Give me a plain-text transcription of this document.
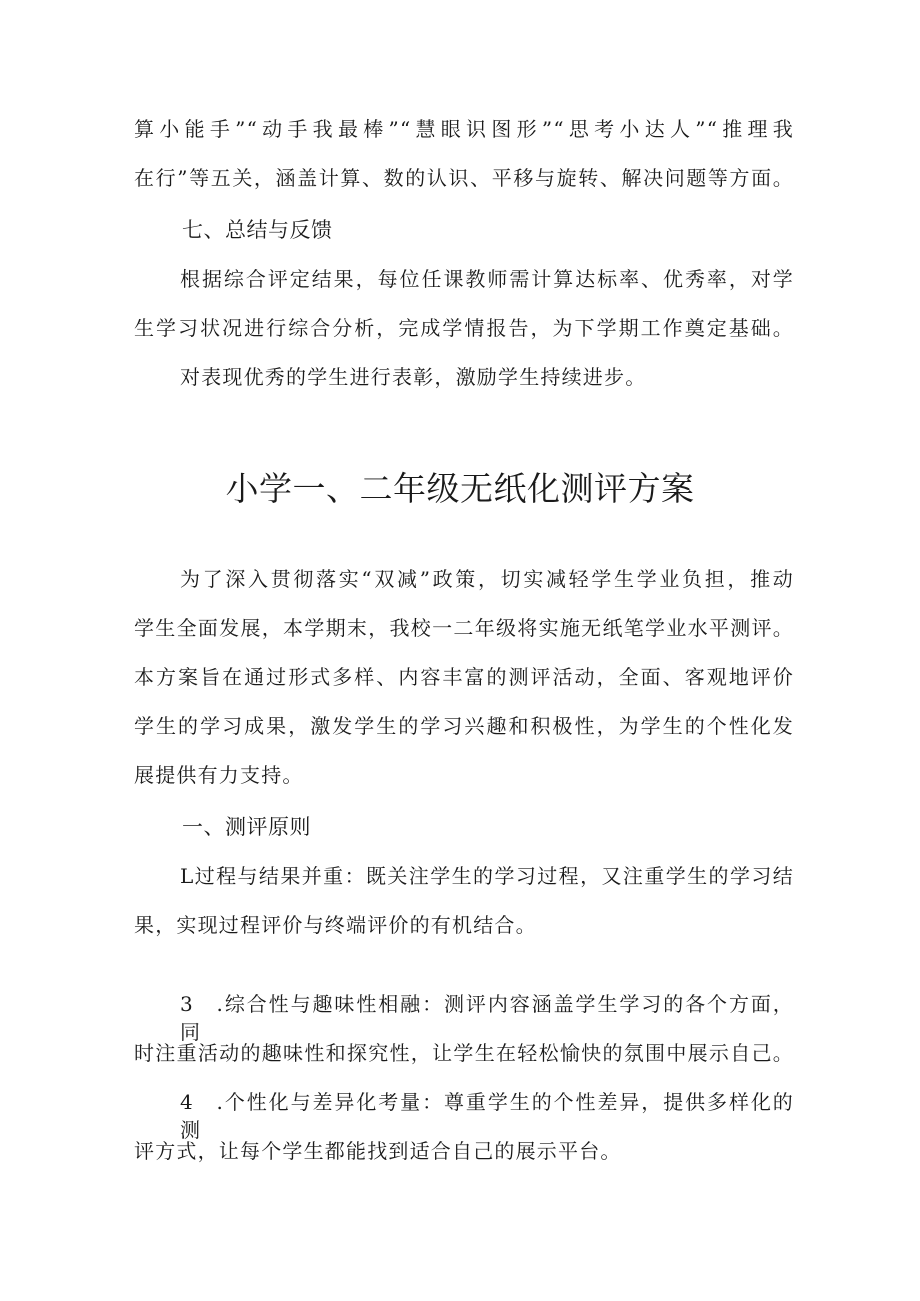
算小能手”“动手我最棒”“慧眼识图形”“思考小达人”“推理我
在行”等五关，涵盖计算、数的认识、平移与旋转、解决问题等方面。
七、总结与反馈
根据综合评定结果，每位任课教师需计算达标率、优秀率，对学
生学习状况进行综合分析，完成学情报告，为下学期工作奠定基础。
对表现优秀的学生进行表彰，激励学生持续进步。
小学一、二年级无纸化测评方案
为了深入贯彻落实“双减”政策，切实减轻学生学业负担，推动
学生全面发展，本学期末，我校一二年级将实施无纸笔学业水平测评。
本方案旨在通过形式多样、内容丰富的测评活动，全面、客观地评价
学生的学习成果，激发学生的学习兴趣和积极性，为学生的个性化发
展提供有力支持。
一、测评原则
L过程与结果并重：既关注学生的学习过程，又注重学生的学习结
果，实现过程评价与终端评价的有机结合。
3　.综合性与趣味性相融：测评内容涵盖学生学习的各个方面，同
时注重活动的趣味性和探究性，让学生在轻松愉快的氛围中展示自己。
4　.个性化与差异化考量：尊重学生的个性差异，提供多样化的测
评方式，让每个学生都能找到适合自己的展示平台。
